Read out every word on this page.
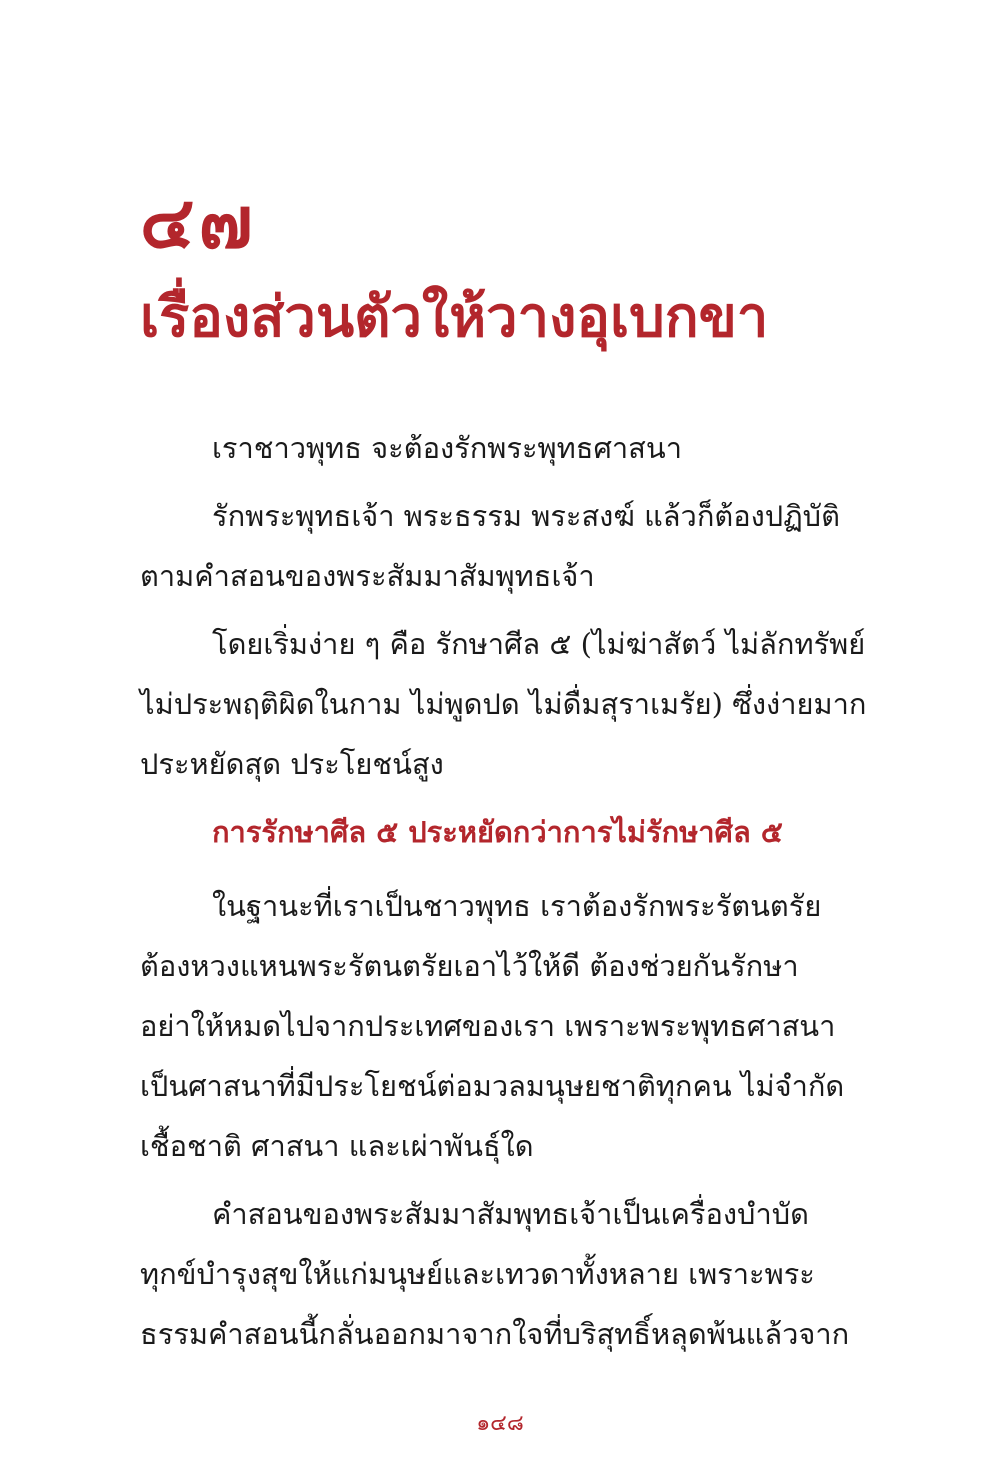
๔๗
เรื่องส่วนตัวให้วางอุเบกขา

เราชาวพุทธ จะต้องรักพระพุทธศาสนา

รักพระพุทธเจ้า พระธรรม พระสงฆ์ แล้วก็ต้องปฏิบัติ
ตามคำสอนของพระสัมมาสัมพุทธเจ้า

โดยเริ่มง่าย ๆ คือ รักษาศีล ๕ (ไม่ฆ่าสัตว์ ไม่ลักทรัพย์
ไม่ประพฤติผิดในกาม ไม่พูดปด ไม่ดื่มสุราเมรัย) ซึ่งง่ายมาก
ประหยัดสุด ประโยชน์สูง

การรักษาศีล ๕ ประหยัดกว่าการไม่รักษาศีล ๕

ในฐานะที่เราเป็นชาวพุทธ เราต้องรักพระรัตนตรัย
ต้องหวงแหนพระรัตนตรัยเอาไว้ให้ดี ต้องช่วยกันรักษา
อย่าให้หมดไปจากประเทศของเรา เพราะพระพุทธศาสนา
เป็นศาสนาที่มีประโยชน์ต่อมวลมนุษยชาติทุกคน ไม่จำกัด
เชื้อชาติ ศาสนา และเผ่าพันธุ์ใด

คำสอนของพระสัมมาสัมพุทธเจ้าเป็นเครื่องบำบัด
ทุกข์บำรุงสุขให้แก่มนุษย์และเทวดาทั้งหลาย เพราะพระ
ธรรมคำสอนนี้กลั่นออกมาจากใจที่บริสุทธิ์หลุดพ้นแล้วจาก

๑๔๘
